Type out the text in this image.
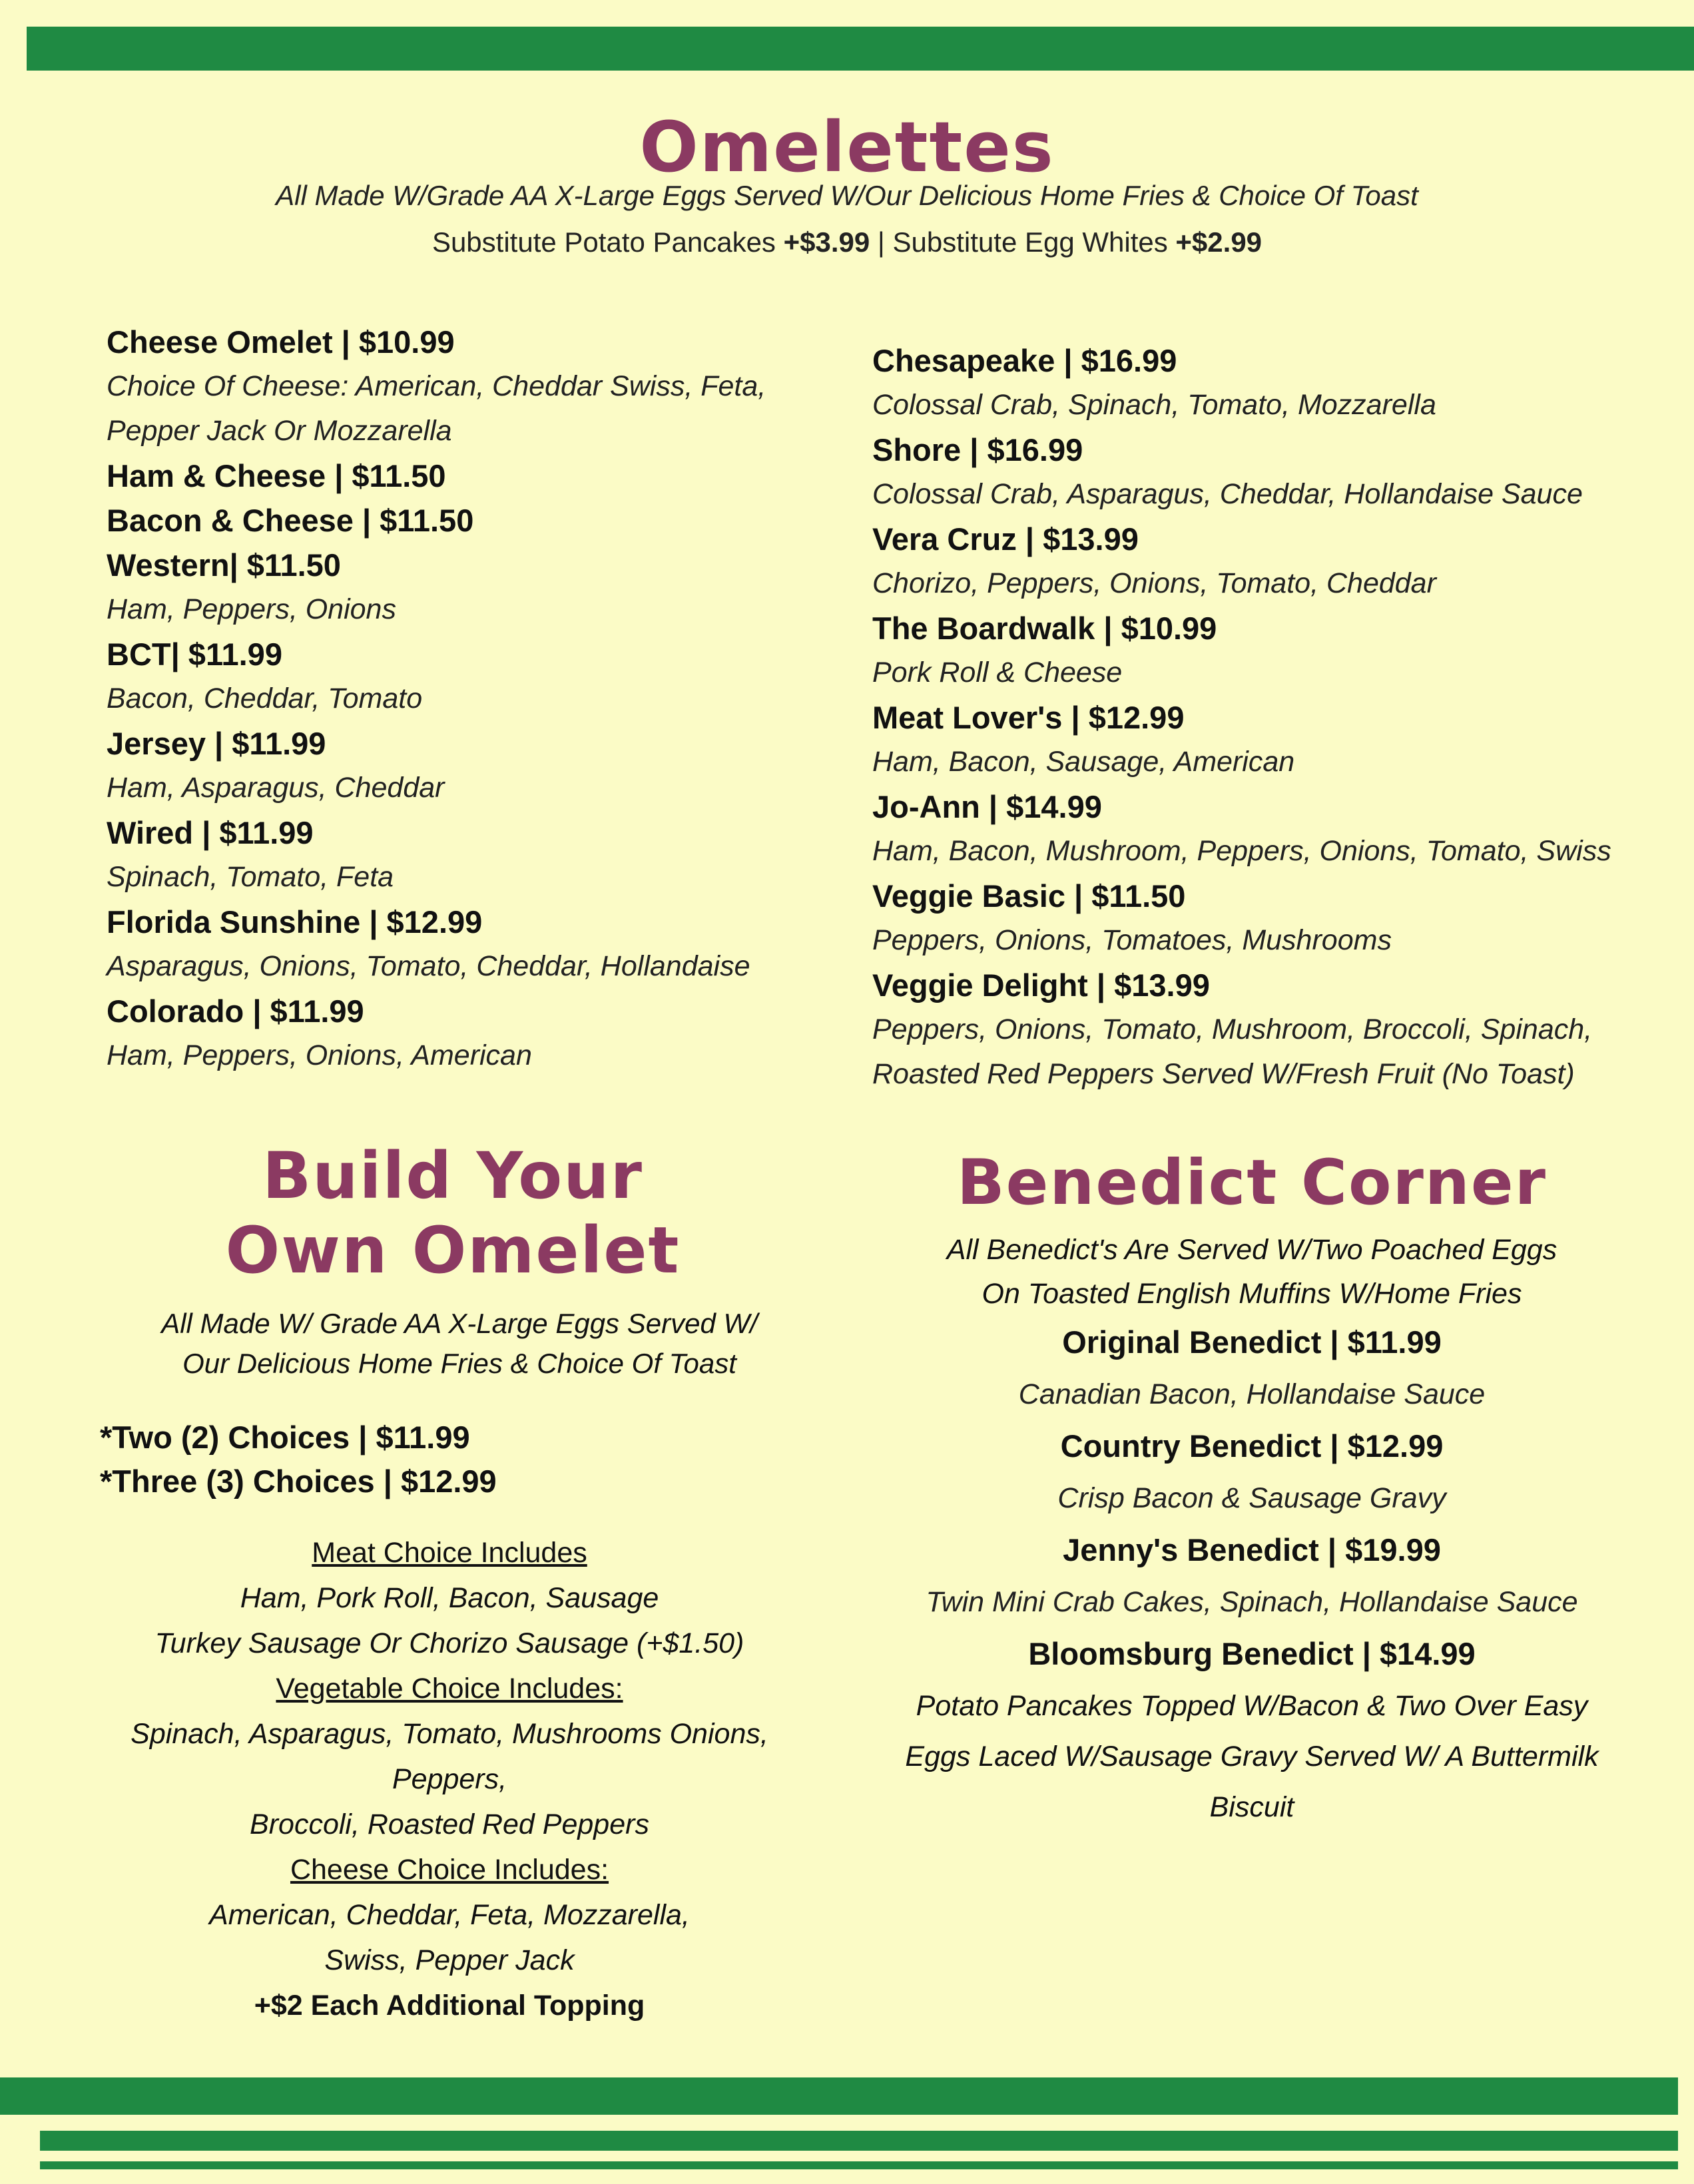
Omelettes
All Made W/Grade AA X-Large Eggs Served W/Our Delicious Home Fries & Choice Of Toast
Substitute Potato Pancakes +$3.99 | Substitute Egg Whites +$2.99
Cheese Omelet | $10.99
Choice Of Cheese: American, Cheddar Swiss, Feta, Pepper Jack Or Mozzarella
Ham & Cheese | $11.50
Bacon & Cheese | $11.50
Western| $11.50
Ham, Peppers, Onions
BCT| $11.99
Bacon, Cheddar, Tomato
Jersey | $11.99
Ham, Asparagus, Cheddar
Wired | $11.99
Spinach, Tomato, Feta
Florida Sunshine | $12.99
Asparagus, Onions, Tomato, Cheddar, Hollandaise
Colorado | $11.99
Ham, Peppers, Onions, American
Chesapeake | $16.99
Colossal Crab, Spinach, Tomato, Mozzarella
Shore | $16.99
Colossal Crab, Asparagus, Cheddar, Hollandaise Sauce
Vera Cruz | $13.99
Chorizo, Peppers, Onions, Tomato, Cheddar
The Boardwalk | $10.99
Pork Roll & Cheese
Meat Lover's | $12.99
Ham, Bacon, Sausage, American
Jo-Ann | $14.99
Ham, Bacon, Mushroom, Peppers, Onions, Tomato, Swiss
Veggie Basic | $11.50
Peppers, Onions, Tomatoes, Mushrooms
Veggie Delight | $13.99
Peppers, Onions, Tomato, Mushroom, Broccoli, Spinach, Roasted Red Peppers Served W/Fresh Fruit (No Toast)
Build Your
Own Omelet
All Made W/ Grade AA X-Large Eggs Served W/
Our Delicious Home Fries & Choice Of Toast
*Two (2) Choices | $11.99
*Three (3) Choices | $12.99
Meat Choice Includes
Ham, Pork Roll, Bacon, Sausage
Turkey Sausage Or Chorizo Sausage (+$1.50)
Vegetable Choice Includes:
Spinach, Asparagus, Tomato, Mushrooms Onions,
Peppers,
Broccoli, Roasted Red Peppers
Cheese Choice Includes:
American, Cheddar, Feta, Mozzarella,
Swiss, Pepper Jack
+$2 Each Additional Topping
Benedict Corner
All Benedict's Are Served W/Two Poached Eggs
On Toasted English Muffins W/Home Fries
Original Benedict | $11.99
Canadian Bacon, Hollandaise Sauce
Country Benedict | $12.99
Crisp Bacon & Sausage Gravy
Jenny's Benedict | $19.99
Twin Mini Crab Cakes, Spinach, Hollandaise Sauce
Bloomsburg Benedict | $14.99
Potato Pancakes Topped W/Bacon & Two Over Easy
Eggs Laced W/Sausage Gravy Served W/ A Buttermilk
Biscuit
